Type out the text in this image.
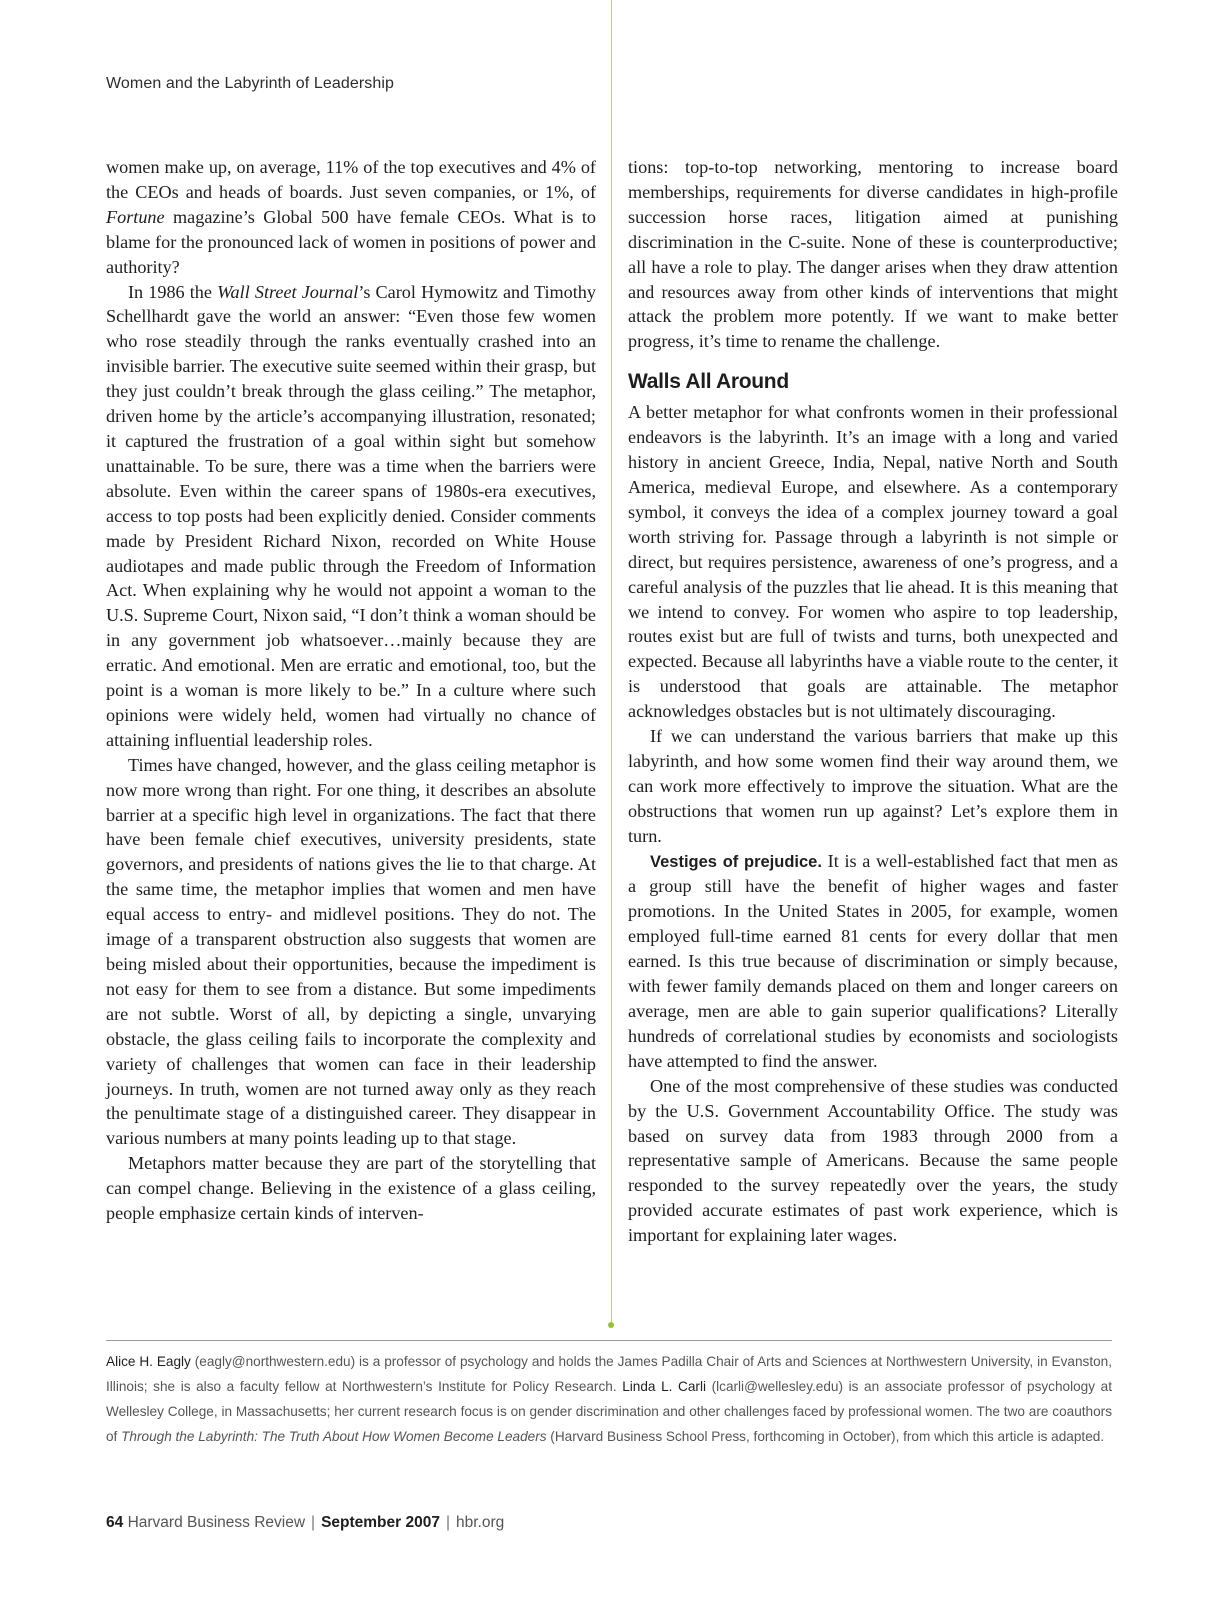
Women and the Labyrinth of Leadership

women make up, on average, 11% of the top executives and 4% of the CEOs and heads of boards. Just seven companies, or 1%, of Fortune magazine’s Global 500 have female CEOs. What is to blame for the pronounced lack of women in positions of power and authority?

In 1986 the Wall Street Journal’s Carol Hymowitz and Timothy Schellhardt gave the world an answer: “Even those few women who rose steadily through the ranks eventually crashed into an invisible barrier. The executive suite seemed within their grasp, but they just couldn’t break through the glass ceiling.” The metaphor, driven home by the article’s accompanying illustration, resonated; it captured the frustration of a goal within sight but somehow unattainable. To be sure, there was a time when the barriers were absolute. Even within the career spans of 1980s-era executives, access to top posts had been explicitly denied. Consider comments made by President Richard Nixon, recorded on White House audiotapes and made public through the Freedom of Information Act. When explaining why he would not appoint a woman to the U.S. Supreme Court, Nixon said, “I don’t think a woman should be in any government job whatsoever…mainly because they are erratic. And emotional. Men are erratic and emotional, too, but the point is a woman is more likely to be.” In a culture where such opinions were widely held, women had virtually no chance of attaining influential leadership roles.

Times have changed, however, and the glass ceiling metaphor is now more wrong than right. For one thing, it describes an absolute barrier at a specific high level in organizations. The fact that there have been female chief executives, university presidents, state governors, and presidents of nations gives the lie to that charge. At the same time, the metaphor implies that women and men have equal access to entry- and midlevel positions. They do not. The image of a transparent obstruction also suggests that women are being misled about their opportunities, because the impediment is not easy for them to see from a distance. But some impediments are not subtle. Worst of all, by depicting a single, unvarying obstacle, the glass ceiling fails to incorporate the complexity and variety of challenges that women can face in their leadership journeys. In truth, women are not turned away only as they reach the penultimate stage of a distinguished career. They disappear in various numbers at many points leading up to that stage.

Metaphors matter because they are part of the storytelling that can compel change. Believing in the existence of a glass ceiling, people emphasize certain kinds of interven-

tions: top-to-top networking, mentoring to increase board memberships, requirements for diverse candidates in high-profile succession horse races, litigation aimed at punishing discrimination in the C-suite. None of these is counterproductive; all have a role to play. The danger arises when they draw attention and resources away from other kinds of interventions that might attack the problem more potently. If we want to make better progress, it’s time to rename the challenge.

Walls All Around

A better metaphor for what confronts women in their professional endeavors is the labyrinth. It’s an image with a long and varied history in ancient Greece, India, Nepal, native North and South America, medieval Europe, and elsewhere. As a contemporary symbol, it conveys the idea of a complex journey toward a goal worth striving for. Passage through a labyrinth is not simple or direct, but requires persistence, awareness of one’s progress, and a careful analysis of the puzzles that lie ahead. It is this meaning that we intend to convey. For women who aspire to top leadership, routes exist but are full of twists and turns, both unexpected and expected. Because all labyrinths have a viable route to the center, it is understood that goals are attainable. The metaphor acknowledges obstacles but is not ultimately discouraging.

If we can understand the various barriers that make up this labyrinth, and how some women find their way around them, we can work more effectively to improve the situation. What are the obstructions that women run up against? Let’s explore them in turn.

Vestiges of prejudice. It is a well-established fact that men as a group still have the benefit of higher wages and faster promotions. In the United States in 2005, for example, women employed full-time earned 81 cents for every dollar that men earned. Is this true because of discrimination or simply because, with fewer family demands placed on them and longer careers on average, men are able to gain superior qualifications? Literally hundreds of correlational studies by economists and sociologists have attempted to find the answer.

One of the most comprehensive of these studies was conducted by the U.S. Government Accountability Office. The study was based on survey data from 1983 through 2000 from a representative sample of Americans. Because the same people responded to the survey repeatedly over the years, the study provided accurate estimates of past work experience, which is important for explaining later wages.

Alice H. Eagly (eagly@northwestern.edu) is a professor of psychology and holds the James Padilla Chair of Arts and Sciences at Northwestern University, in Evanston, Illinois; she is also a faculty fellow at Northwestern’s Institute for Policy Research. Linda L. Carli (lcarli@wellesley.edu) is an associate professor of psychology at Wellesley College, in Massachusetts; her current research focus is on gender discrimination and other challenges faced by professional women. The two are coauthors of Through the Labyrinth: The Truth About How Women Become Leaders (Harvard Business School Press, forthcoming in October), from which this article is adapted.
64 Harvard Business Review | September 2007 | hbr.org
